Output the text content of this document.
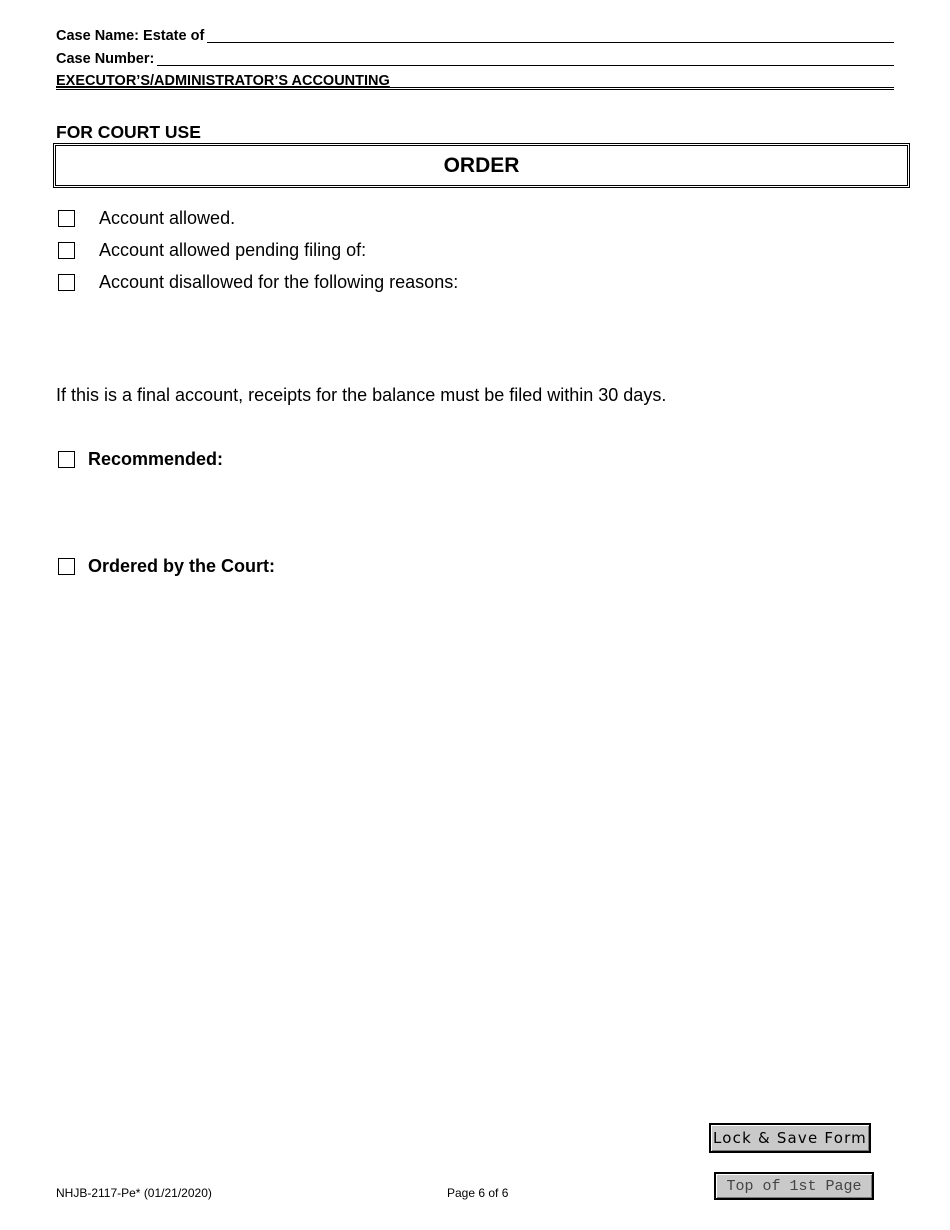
Case Name: Estate of
Case Number:
EXECUTOR’S/ADMINISTRATOR’S ACCOUNTING
FOR COURT USE
ORDER
Account allowed.
Account allowed pending filing of:
Account disallowed for the following reasons:
If this is a final account, receipts for the balance must be filed within 30 days.
Recommended:
Ordered by the Court:
Lock & Save Form
Top of 1st Page
NHJB-2117-Pe* (01/21/2020)	Page 6 of 6
